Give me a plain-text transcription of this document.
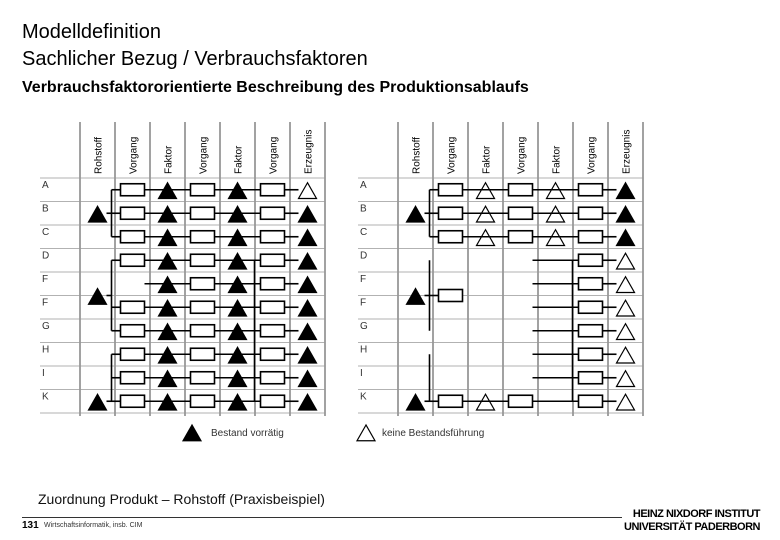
Modelldefinition
Sachlicher Bezug / Verbrauchsfaktoren
Verbrauchsfaktororientierte Beschreibung des Produktionsablaufs
Rohstoff Vorgang Faktor Vorgang Faktor Vorgang Erzeugnis
A
B
C
D
F
F
G
H
I
K
Rohstoff Vorgang Faktor Vorgang Faktor Vorgang Erzeugnis
A
B
C
D
F
F
G
H
I
K
Bestand vorrätig	keine Bestandsführung
Zuordnung Produkt – Rohstoff (Praxisbeispiel)
131 Wirtschaftsinformatik, insb. CIM
HEINZ NIXDORF INSTITUT
UNIVERSITÄT PADERBORN
